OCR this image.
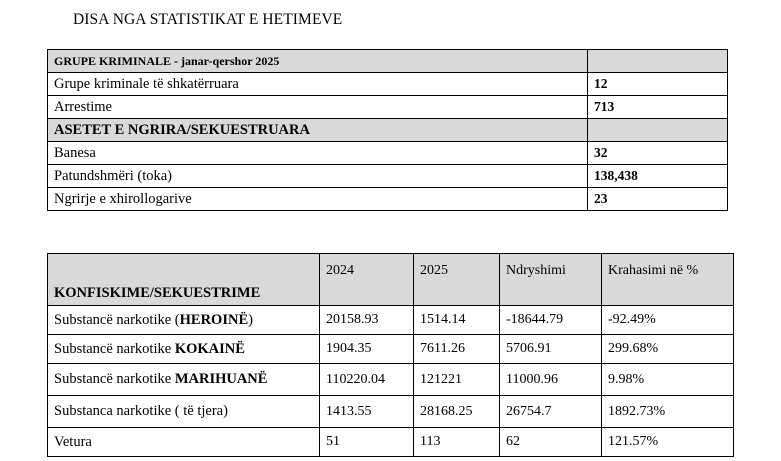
DISA NGA STATISTIKAT E HETIMEVE
GRUPE KRIMINALE - janar-qershor 2025	
Grupe kriminale të shkatërruara	12
Arrestime	713
ASETET E NGRIRA/SEKUESTRUARA	
Banesa	32
Patundshmëri (toka)	138,438
Ngrirje e xhirollogarive	23
KONFISKIME/SEKUESTRIME	2024	2025	Ndryshimi	Krahasimi në %
Substancë narkotike (HEROINË)	20158.93	1514.14	-18644.79	-92.49%
Substancë narkotike KOKAINË	1904.35	7611.26	5706.91	299.68%
Substancë narkotike MARIHUANË	110220.04	121221	11000.96	9.98%
Substanca narkotike ( të tjera)	1413.55	28168.25	26754.7	1892.73%
Vetura	51	113	62	121.57%
